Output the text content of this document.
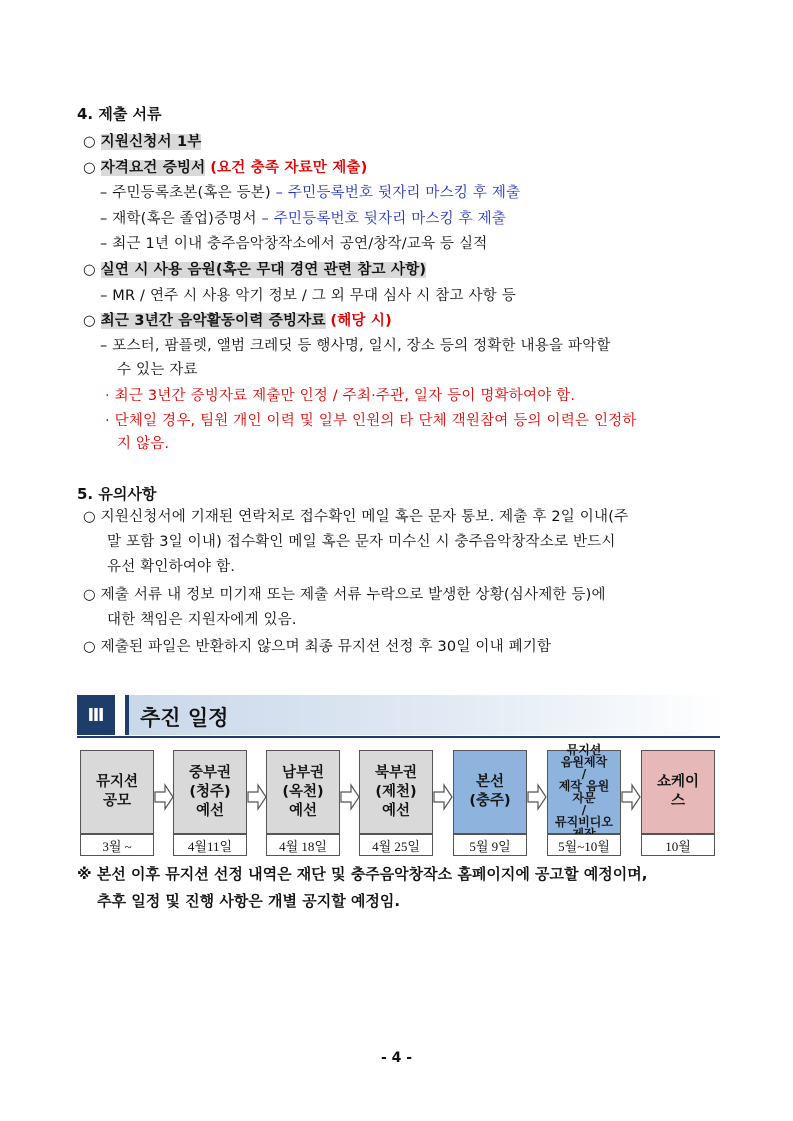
4. 제출 서류
○ 지원신청서 1부
○ 자격요건 증빙서 (요건 충족 자료만 제출)
– 주민등록초본(혹은 등본) – 주민등록번호 뒷자리 마스킹 후 제출
– 재학(혹은 졸업)증명서 – 주민등록번호 뒷자리 마스킹 후 제출
– 최근 1년 이내 충주음악창작소에서 공연/창작/교육 등 실적
○ 실연 시 사용 음원(혹은 무대 경연 관련 참고 사항)
– MR / 연주 시 사용 악기 정보 / 그 외 무대 심사 시 참고 사항 등
○ 최근 3년간 음악활동이력 증빙자료 (해당 시)
– 포스터, 팜플렛, 앨범 크레딧 등 행사명, 일시, 장소 등의 정확한 내용을 파악할
수 있는 자료
· 최근 3년간 증빙자료 제출만 인정 / 주최·주관, 일자 등이 명확하여야 함.
· 단체일 경우, 팀원 개인 이력 및 일부 인원의 타 단체 객원참여 등의 이력은 인정하
지 않음.
5. 유의사항
○ 지원신청서에 기재된 연락처로 접수확인 메일 혹은 문자 통보. 제출 후 2일 이내(주
말 포함 3일 이내) 접수확인 메일 혹은 문자 미수신 시 충주음악창작소로 반드시
유선 확인하여야 함.
○ 제출 서류 내 정보 미기재 또는 제출 서류 누락으로 발생한 상황(심사제한 등)에
대한 책임은 지원자에게 있음.
○ 제출된 파일은 반환하지 않으며 최종 뮤지션 선정 후 30일 이내 폐기함
Ⅲ	추진 일정
뮤지션
공모
3월 ~
중부권
(청주)
예선
4월11일
남부권
(옥천)
예선
4월 18일
북부권
(제천)
예선
4월 25일
본선
(충주)
5월 9일
뮤지션
음원제작
/
제작 음원
자문
/
뮤직비디오

5월~10월
쇼케이
스
10월
※ 본선 이후 뮤지션 선정 내역은 재단 및 충주음악창작소 홈페이지에 공고할 예정이며,
추후 일정 및 진행 사항은 개별 공지할 예정임.
- 4 -
